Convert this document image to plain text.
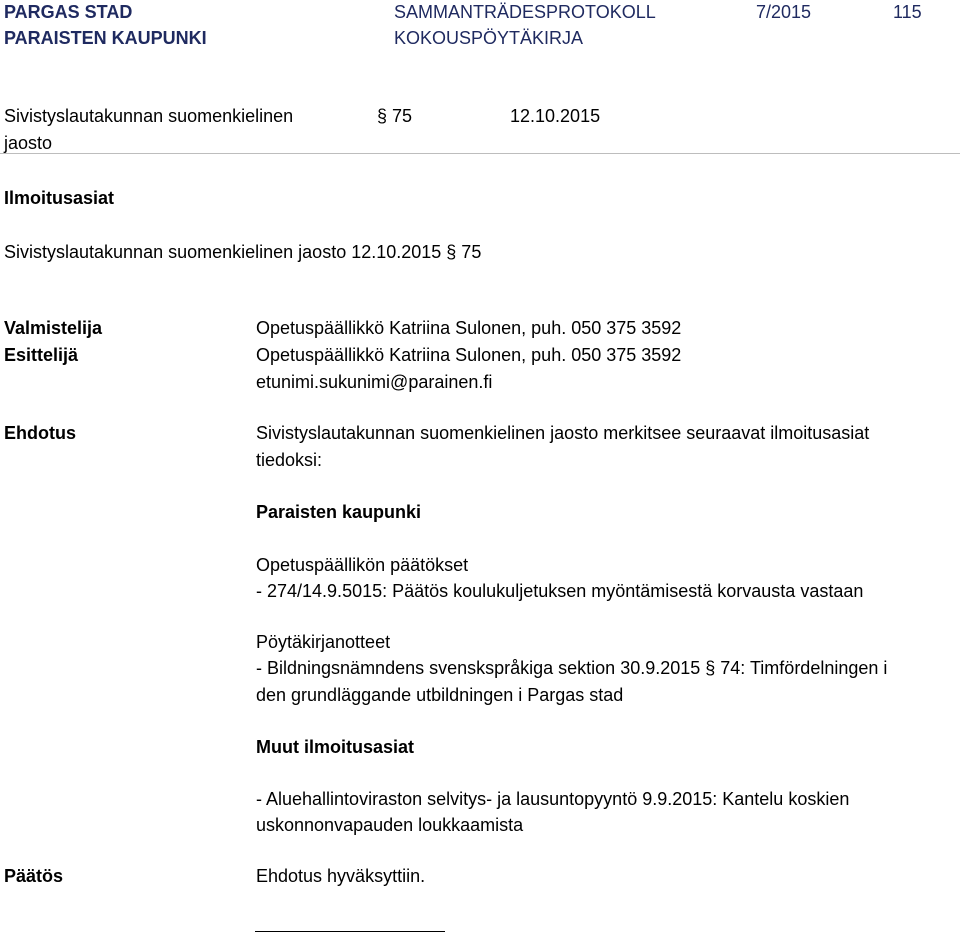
PARGAS STAD
PARAISTEN KAUPUNKI
SAMMANTRÄDESPROTOKOLL
KOKOUSPÖYTÄKIRJA
7/2015	115
Sivistyslautakunnan suomenkielinen
jaosto
§ 75	12.10.2015
Ilmoitusasiat
Sivistyslautakunnan suomenkielinen jaosto 12.10.2015 § 75
Valmistelija	Opetuspäällikkö Katriina Sulonen, puh. 050 375 3592
Esittelijä	Opetuspäällikkö Katriina Sulonen, puh. 050 375 3592
etunimi.sukunimi@parainen.fi
Ehdotus	Sivistyslautakunnan suomenkielinen jaosto merkitsee seuraavat ilmoitusasiat
tiedoksi:
Paraisten kaupunki
Opetuspäällikön päätökset
- 274/14.9.5015: Päätös koulukuljetuksen myöntämisestä korvausta vastaan
Pöytäkirjanotteet
- Bildningsnämndens svenskspråkiga sektion 30.9.2015 § 74: Timfördelningen i
den grundläggande utbildningen i Pargas stad
Muut ilmoitusasiat
- Aluehallintoviraston selvitys- ja lausuntopyyntö 9.9.2015: Kantelu koskien
uskonnonvapauden loukkaamista
Päätös	Ehdotus hyväksyttiin.
